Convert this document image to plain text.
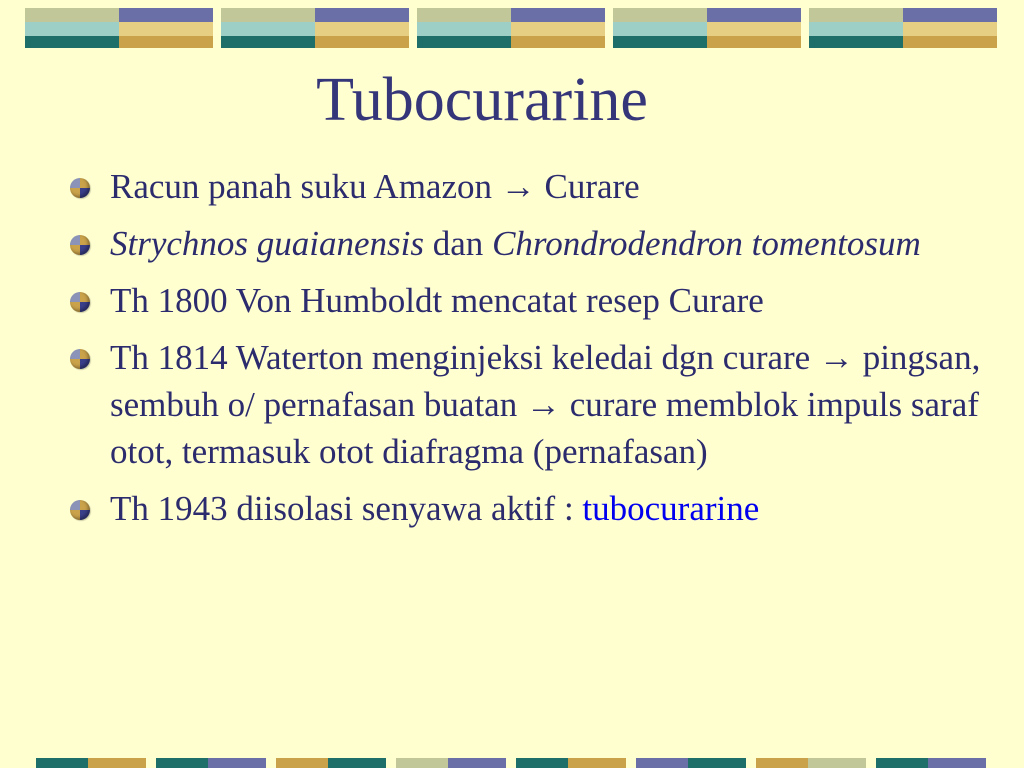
Tubocurarine
Racun panah suku Amazon → Curare
Strychnos guaianensis dan Chrondrodendron tomentosum
Th 1800 Von Humboldt mencatat resep Curare
Th 1814 Waterton menginjeksi keledai dgn curare → pingsan, sembuh o/ pernafasan buatan → curare memblok impuls saraf otot, termasuk otot diafragma (pernafasan)
Th 1943 diisolasi senyawa aktif : tubocurarine
